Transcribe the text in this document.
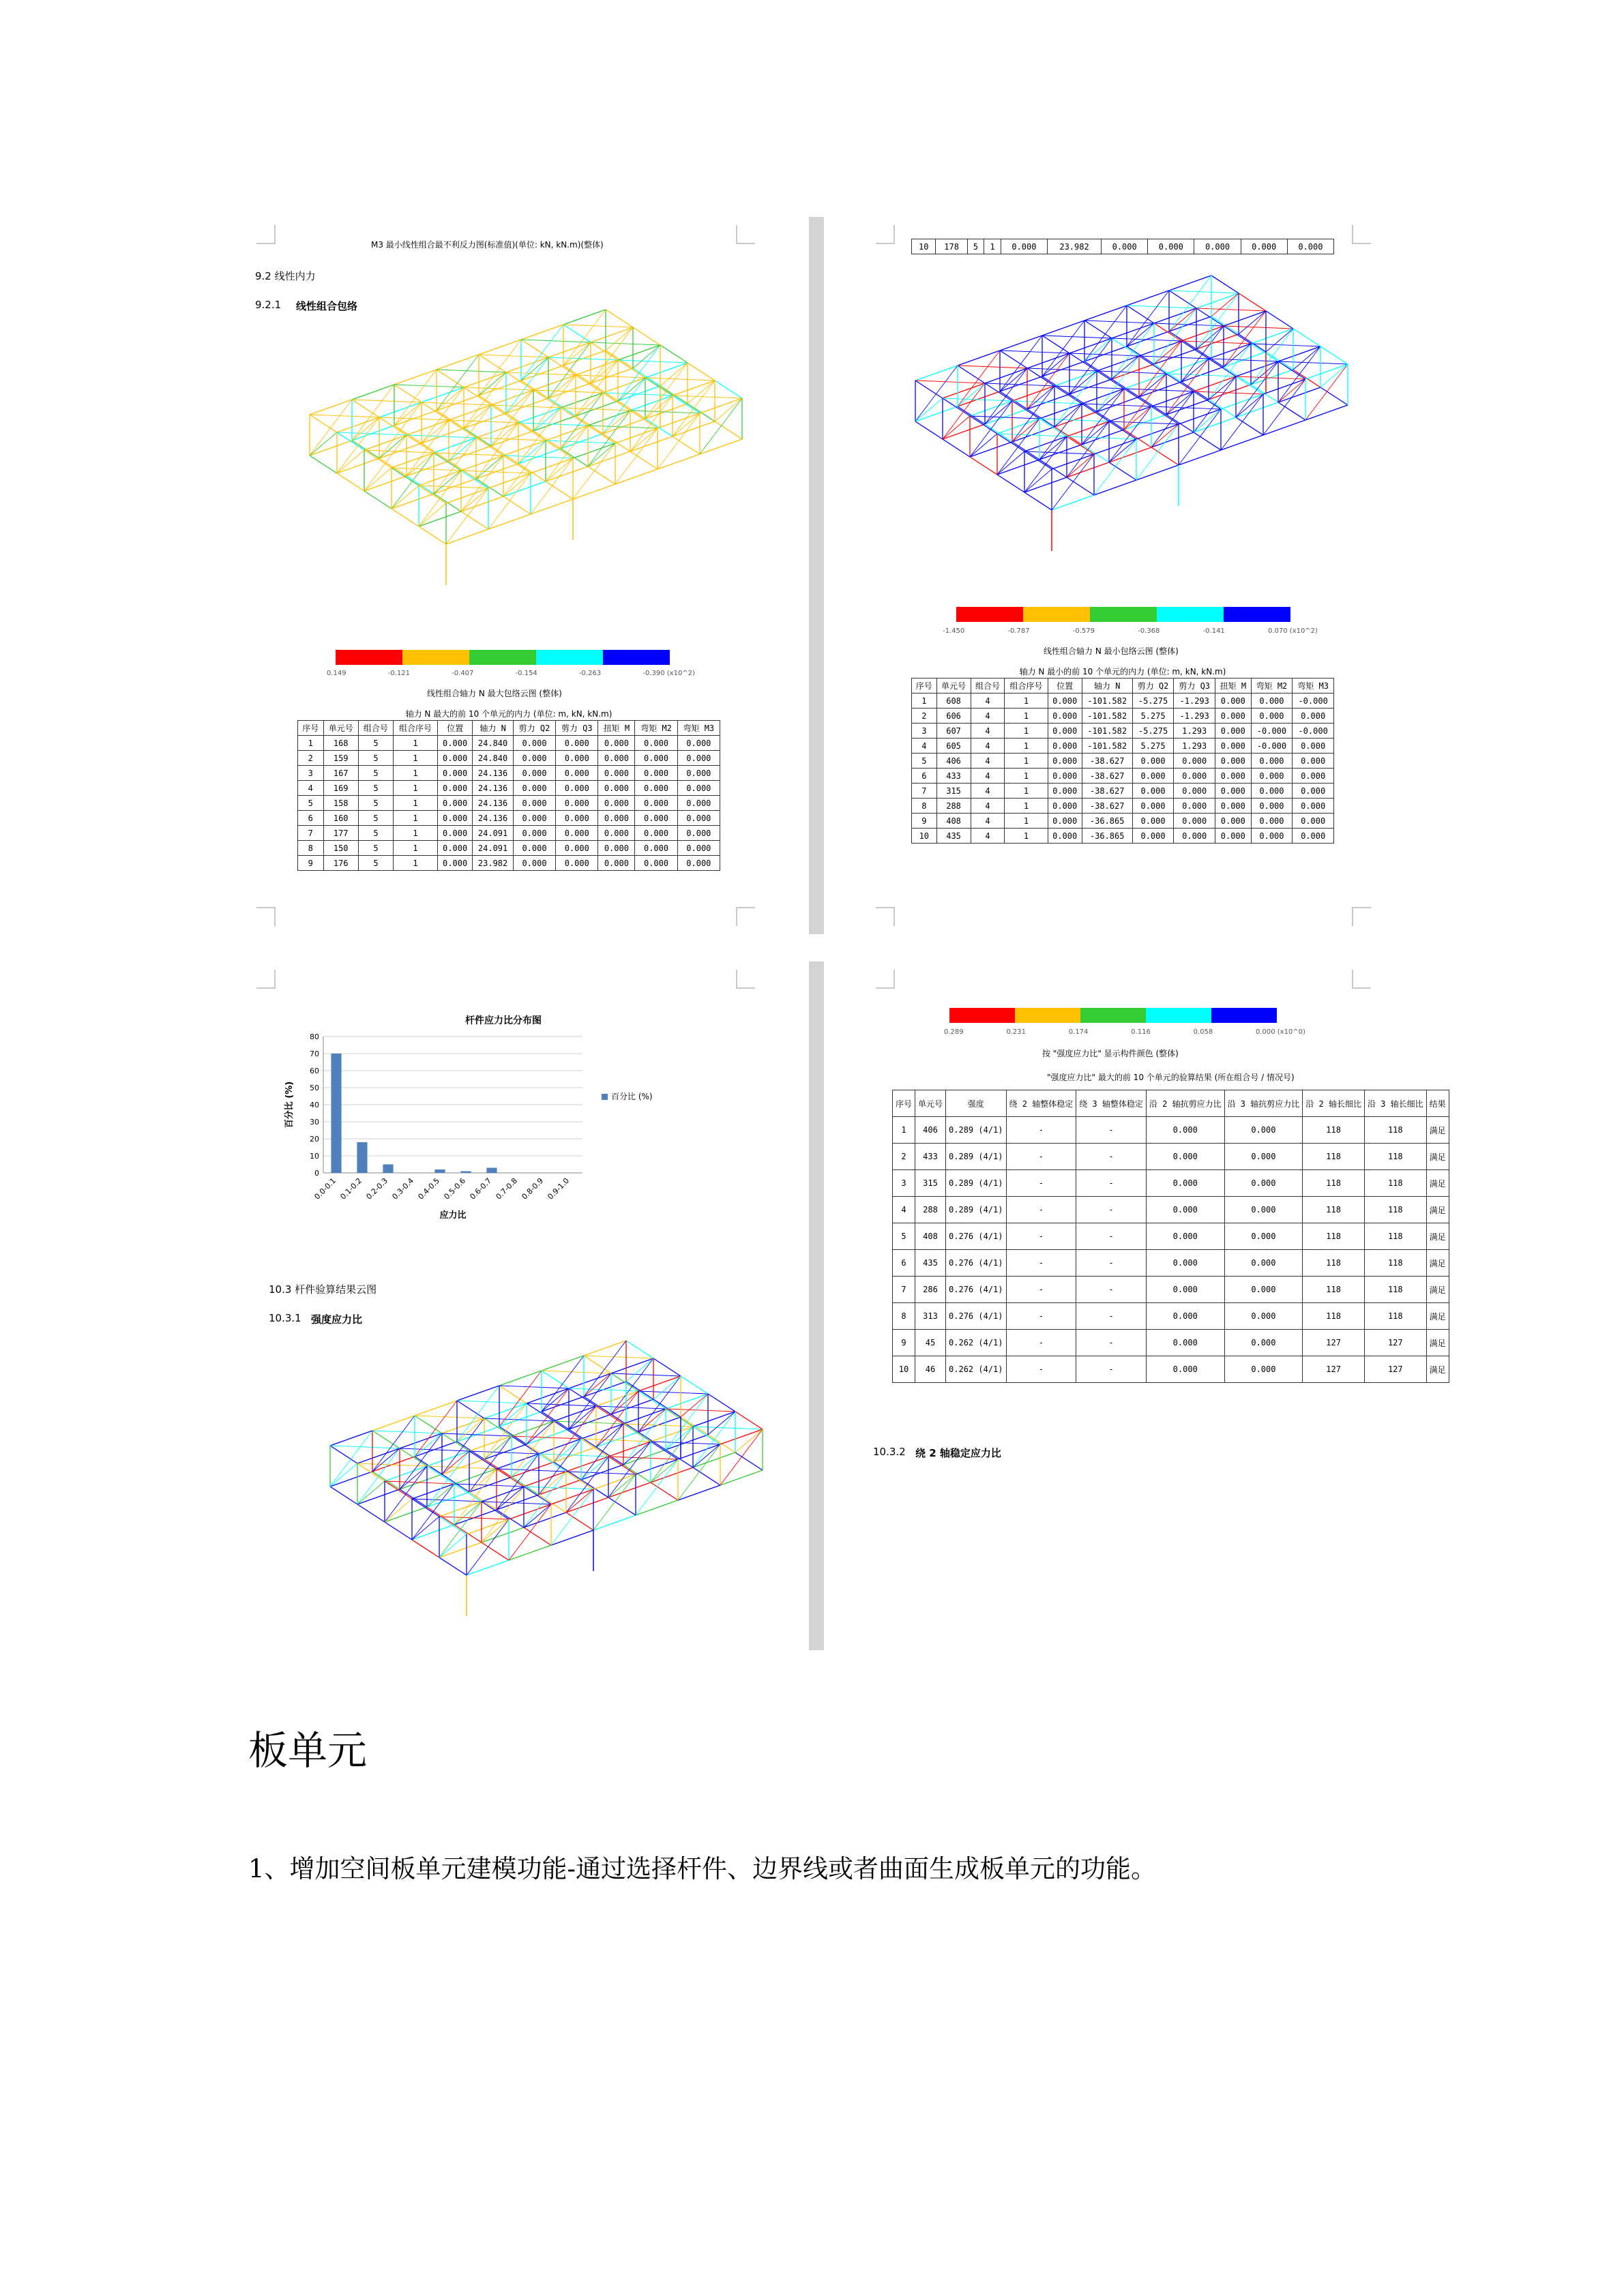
M3 最小线性组合最不利反力图(标准值)(单位: kN, kN.m)(整体)
9.2 线性内力
9.2.1 线性组合包络
0.149	-0.121	-0.407	-0.154	-0.263	-0.390 (x10^2)
线性组合轴力 N 最大包络云图 (整体)
轴力 N 最大的前 10 个单元的内力 (单位: m, kN, kN.m)										
序号	单元号	组合号	组合序号	位置	轴力 N	剪力 Q2	剪力 Q3	扭矩 M	弯矩 M2	弯矩 M3
1	168	5	1	0.000	24.840	0.000	0.000	0.000	0.000	0.000
2	159	5	1	0.000	24.840	0.000	0.000	0.000	0.000	0.000
3	167	5	1	0.000	24.136	0.000	0.000	0.000	0.000	0.000
4	169	5	1	0.000	24.136	0.000	0.000	0.000	0.000	0.000
5	158	5	1	0.000	24.136	0.000	0.000	0.000	0.000	0.000
6	160	5	1	0.000	24.136	0.000	0.000	0.000	0.000	0.000
7	177	5	1	0.000	24.091	0.000	0.000	0.000	0.000	0.000
8	150	5	1	0.000	24.091	0.000	0.000	0.000	0.000	0.000
9	176	5	1	0.000	23.982	0.000	0.000	0.000	0.000	0.000
10	178	5	1	0.000	23.982	0.000	0.000	0.000	0.000	0.000
-1.450	-0.787	-0.579	-0.368	-0.141	0.070 (x10^2)
线性组合轴力 N 最小包络云图 (整体)
轴力 N 最小的前 10 个单元的内力 (单位: m, kN, kN.m)										
序号	单元号	组合号	组合序号	位置	轴力 N	剪力 Q2	剪力 Q3	扭矩 M	弯矩 M2	弯矩 M3
1	608	4	1	0.000	-101.582	-5.275	-1.293	0.000	0.000	-0.000
2	606	4	1	0.000	-101.582	5.275	-1.293	0.000	0.000	0.000
3	607	4	1	0.000	-101.582	-5.275	1.293	0.000	-0.000	-0.000
4	605	4	1	0.000	-101.582	5.275	1.293	0.000	-0.000	0.000
5	406	4	1	0.000	-38.627	0.000	0.000	0.000	0.000	0.000
6	433	4	1	0.000	-38.627	0.000	0.000	0.000	0.000	0.000
7	315	4	1	0.000	-38.627	0.000	0.000	0.000	0.000	0.000
8	288	4	1	0.000	-38.627	0.000	0.000	0.000	0.000	0.000
9	408	4	1	0.000	-36.865	0.000	0.000	0.000	0.000	0.000
10	435	4	1	0.000	-36.865	0.000	0.000	0.000	0.000	0.000
杆件应力比分布图
0
10
20
30
40
50
60
70
80
0.0-0.1 0.1-0.2 0.2-0.3 0.3-0.4 0.4-0.5 0.5-0.6 0.6-0.7 0.7-0.8 0.8-0.9 0.9-1.0
应力比
百分比 (%)	百分比 (%)
10.3 杆件验算结果云图
10.3.1 强度应力比
0.289	0.231	0.174	0.116	0.058	0.000 (x10^0)
按 "强度应力比" 显示构件颜色 (整体)
"强度应力比" 最大的前 10 个单元的验算结果 (所在组合号 / 情况号)									
序号	单元号	强度	绕 2 轴整体稳定	绕 3 轴整体稳定	沿 2 轴抗剪应力比	沿 3 轴抗剪应力比	沿 2 轴长细比	沿 3 轴长细比	结果
1	406	0.289 (4/1)	-	-	0.000	0.000	118	118	满足
2	433	0.289 (4/1)	-	-	0.000	0.000	118	118	满足
3	315	0.289 (4/1)	-	-	0.000	0.000	118	118	满足
4	288	0.289 (4/1)	-	-	0.000	0.000	118	118	满足
5	408	0.276 (4/1)	-	-	0.000	0.000	118	118	满足
6	435	0.276 (4/1)	-	-	0.000	0.000	118	118	满足
7	286	0.276 (4/1)	-	-	0.000	0.000	118	118	满足
8	313	0.276 (4/1)	-	-	0.000	0.000	118	118	满足
9	45	0.262 (4/1)	-	-	0.000	0.000	127	127	满足
10	46	0.262 (4/1)	-	-	0.000	0.000	127	127	满足
10.3.2 绕 2 轴稳定应力比
板单元
1、增加空间板单元建模功能-通过选择杆件、边界线或者曲面生成板单元的功能。
